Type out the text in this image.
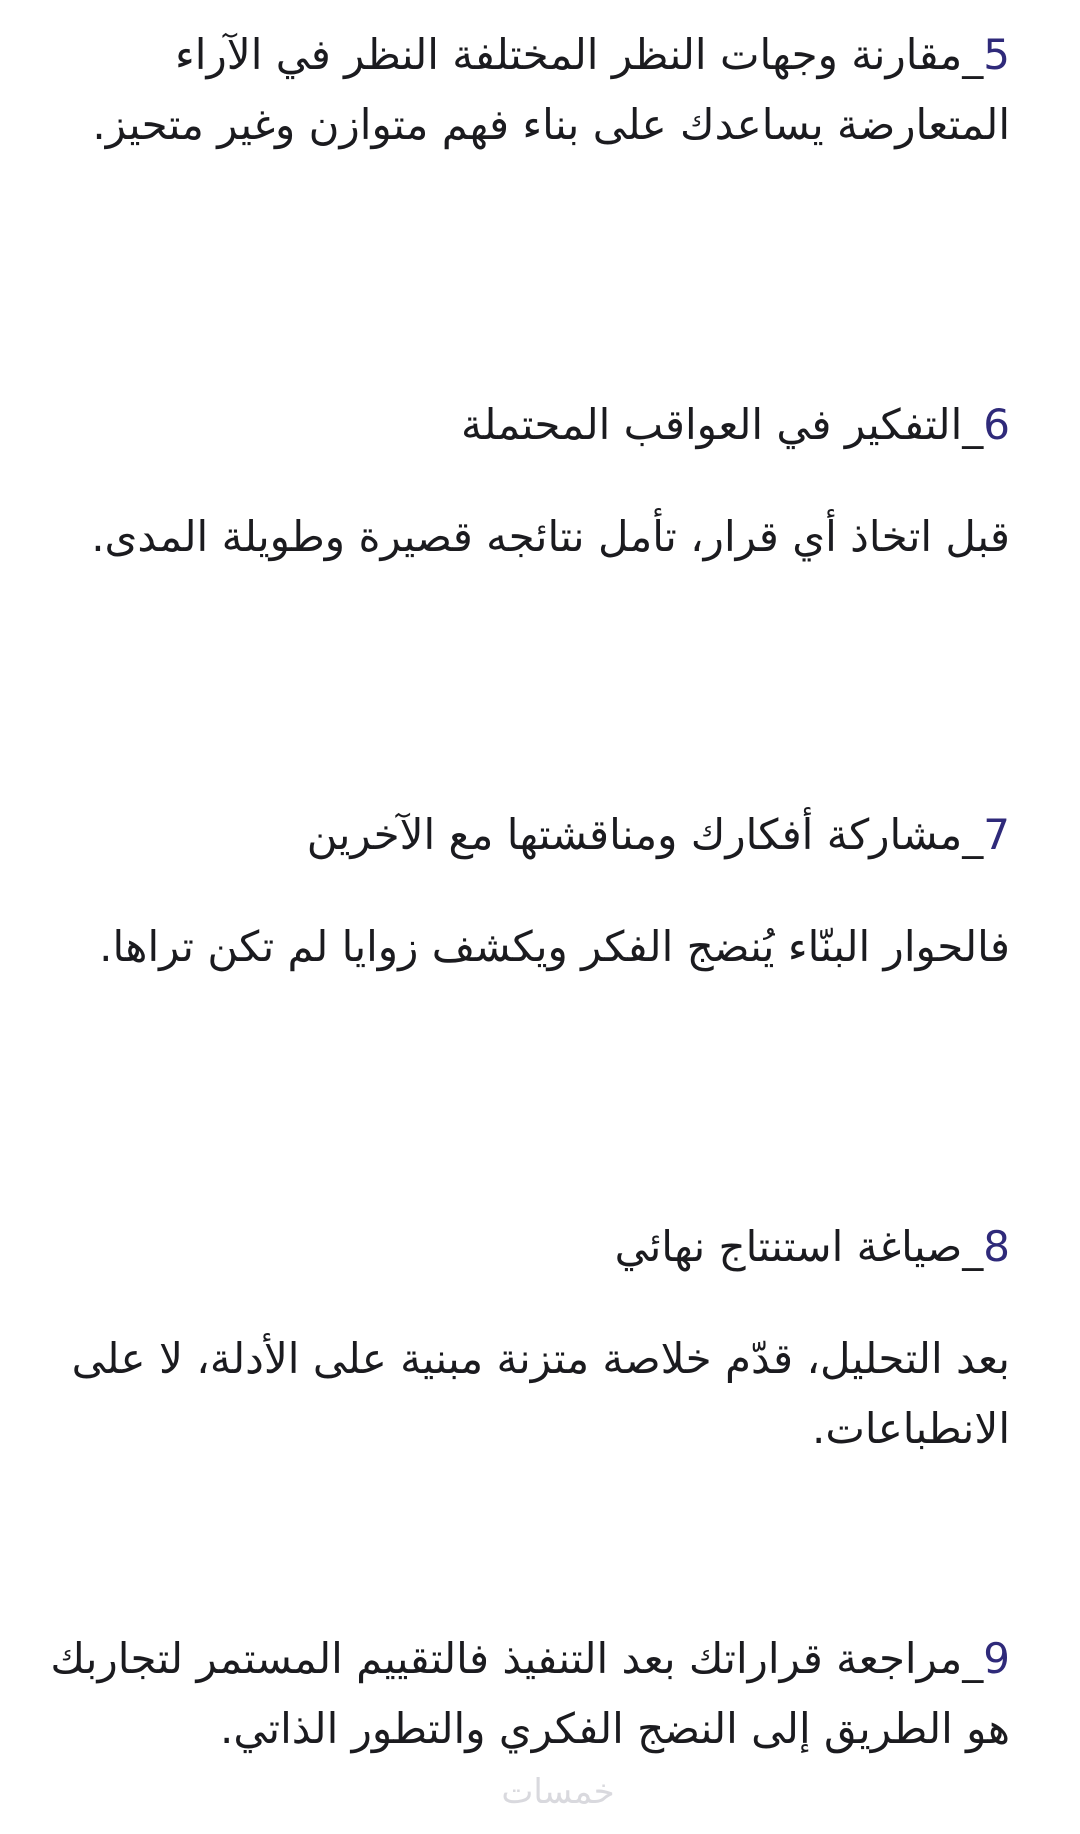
5_مقارنة وجهات النظر المختلفة النظر في الآراء المتعارضة يساعدك على بناء فهم متوازن وغير متحيز.

6_التفكير في العواقب المحتملة

قبل اتخاذ أي قرار، تأمل نتائجه قصيرة وطويلة المدى.

7_مشاركة أفكارك ومناقشتها مع الآخرين

فالحوار البنّاء يُنضج الفكر ويكشف زوايا لم تكن تراها.

8_صياغة استنتاج نهائي

بعد التحليل، قدّم خلاصة متزنة مبنية على الأدلة، لا على الانطباعات.

9_مراجعة قراراتك بعد التنفيذ فالتقييم المستمر لتجاربك هو الطريق إلى النضج الفكري والتطور الذاتي.

خمسات
